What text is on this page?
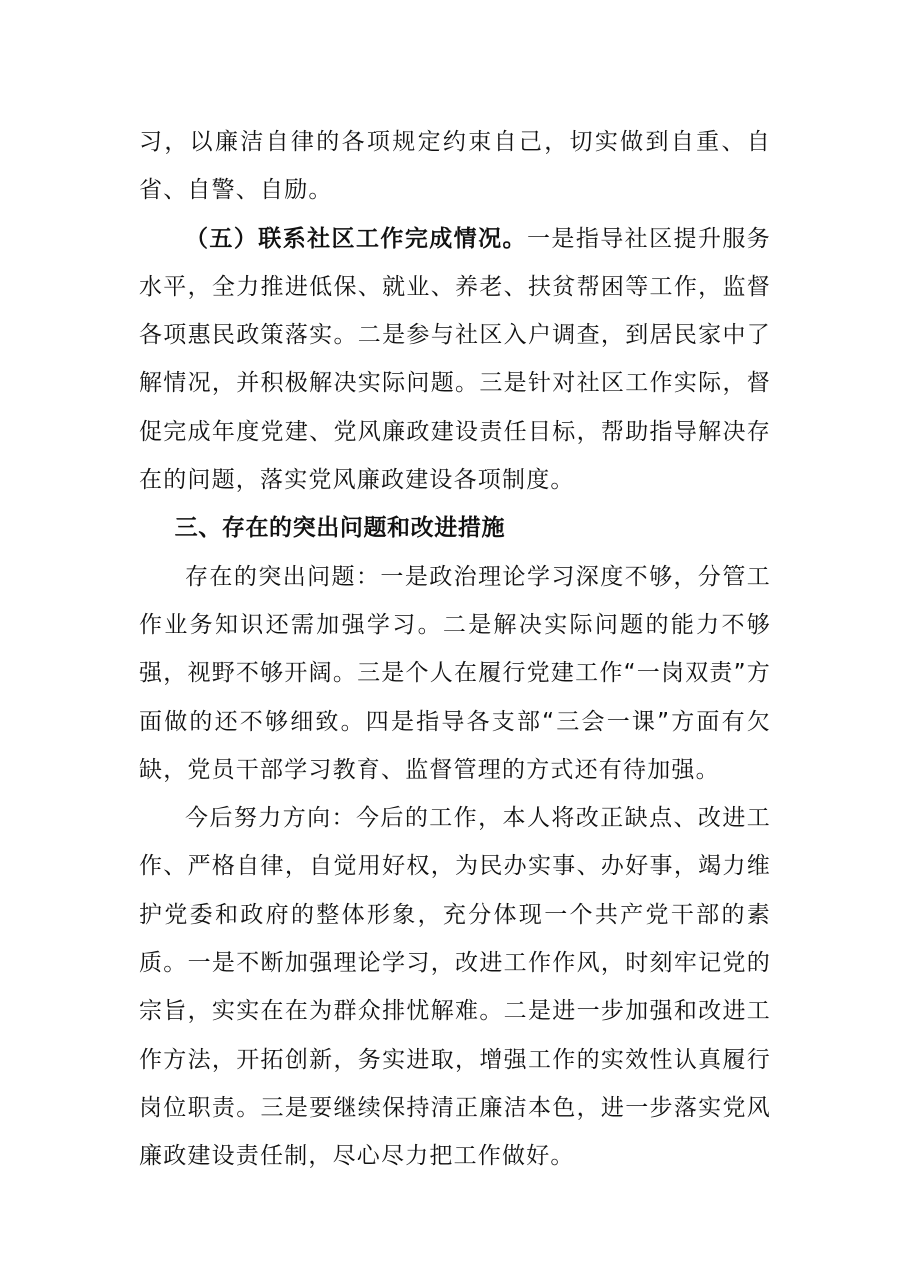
习，以廉洁自律的各项规定约束自己，切实做到自重、自省、自警、自励。

（五）联系社区工作完成情况。一是指导社区提升服务水平，全力推进低保、就业、养老、扶贫帮困等工作，监督各项惠民政策落实。二是参与社区入户调查，到居民家中了解情况，并积极解决实际问题。三是针对社区工作实际，督促完成年度党建、党风廉政建设责任目标，帮助指导解决存在的问题，落实党风廉政建设各项制度。

三、存在的突出问题和改进措施

存在的突出问题：一是政治理论学习深度不够，分管工作业务知识还需加强学习。二是解决实际问题的能力不够强，视野不够开阔。三是个人在履行党建工作“一岗双责”方面做的还不够细致。四是指导各支部“三会一课”方面有欠缺，党员干部学习教育、监督管理的方式还有待加强。

今后努力方向：今后的工作，本人将改正缺点、改进工作、严格自律，自觉用好权，为民办实事、办好事，竭力维护党委和政府的整体形象，充分体现一个共产党干部的素质。一是不断加强理论学习，改进工作作风，时刻牢记党的宗旨，实实在在为群众排忧解难。二是进一步加强和改进工作方法，开拓创新，务实进取，增强工作的实效性认真履行岗位职责。三是要继续保持清正廉洁本色，进一步落实党风廉政建设责任制，尽心尽力把工作做好。
